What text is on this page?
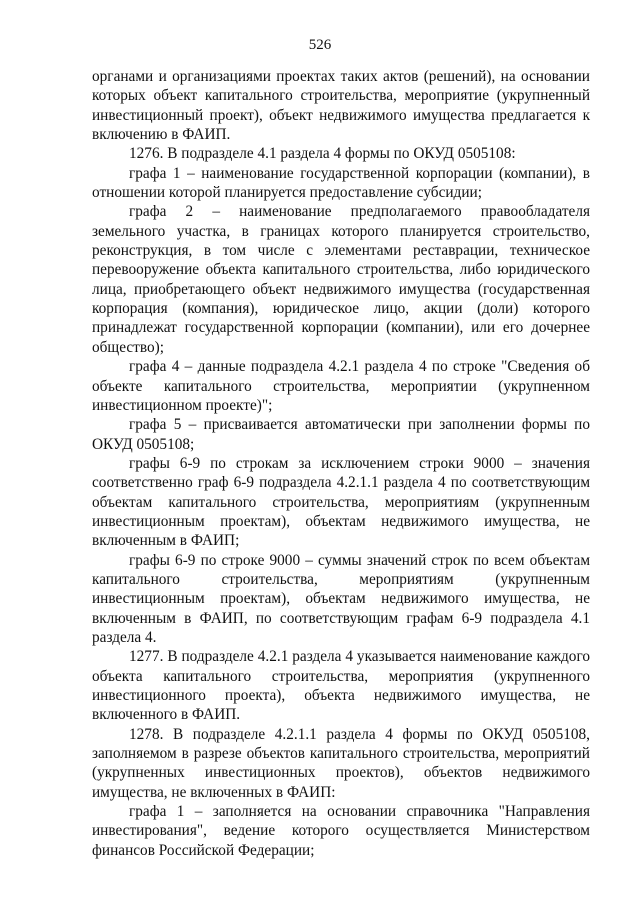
526

органами и организациями проектах таких актов (решений), на основании которых объект капитального строительства, мероприятие (укрупненный инвестиционный проект), объект недвижимого имущества предлагается к включению в ФАИП.

1276. В подразделе 4.1 раздела 4 формы по ОКУД 0505108:

графа 1 – наименование государственной корпорации (компании), в отношении которой планируется предоставление субсидии;

графа 2 – наименование предполагаемого правообладателя земельного участка, в границах которого планируется строительство, реконструкция, в том числе с элементами реставрации, техническое перевооружение объекта капитального строительства, либо юридического лица, приобретающего объект недвижимого имущества (государственная корпорация (компания), юридическое лицо, акции (доли) которого принадлежат государственной корпорации (компании), или его дочернее общество);

графа 4 – данные подраздела 4.2.1 раздела 4 по строке "Сведения об объекте капитального строительства, мероприятии (укрупненном инвестиционном проекте)";

графа 5 – присваивается автоматически при заполнении формы по ОКУД 0505108;

графы 6-9 по строкам за исключением строки 9000 – значения соответственно граф 6-9 подраздела 4.2.1.1 раздела 4 по соответствующим объектам капитального строительства, мероприятиям (укрупненным инвестиционным проектам), объектам недвижимого имущества, не включенным в ФАИП;

графы 6-9 по строке 9000 – суммы значений строк по всем объектам капитального строительства, мероприятиям (укрупненным инвестиционным проектам), объектам недвижимого имущества, не включенным в ФАИП, по соответствующим графам 6-9 подраздела 4.1 раздела 4.

1277. В подразделе 4.2.1 раздела 4 указывается наименование каждого объекта капитального строительства, мероприятия (укрупненного инвестиционного проекта), объекта недвижимого имущества, не включенного в ФАИП.

1278. В подразделе 4.2.1.1 раздела 4 формы по ОКУД 0505108, заполняемом в разрезе объектов капитального строительства, мероприятий (укрупненных инвестиционных проектов), объектов недвижимого имущества, не включенных в ФАИП:

графа 1 – заполняется на основании справочника "Направления инвестирования", ведение которого осуществляется Министерством финансов Российской Федерации;
